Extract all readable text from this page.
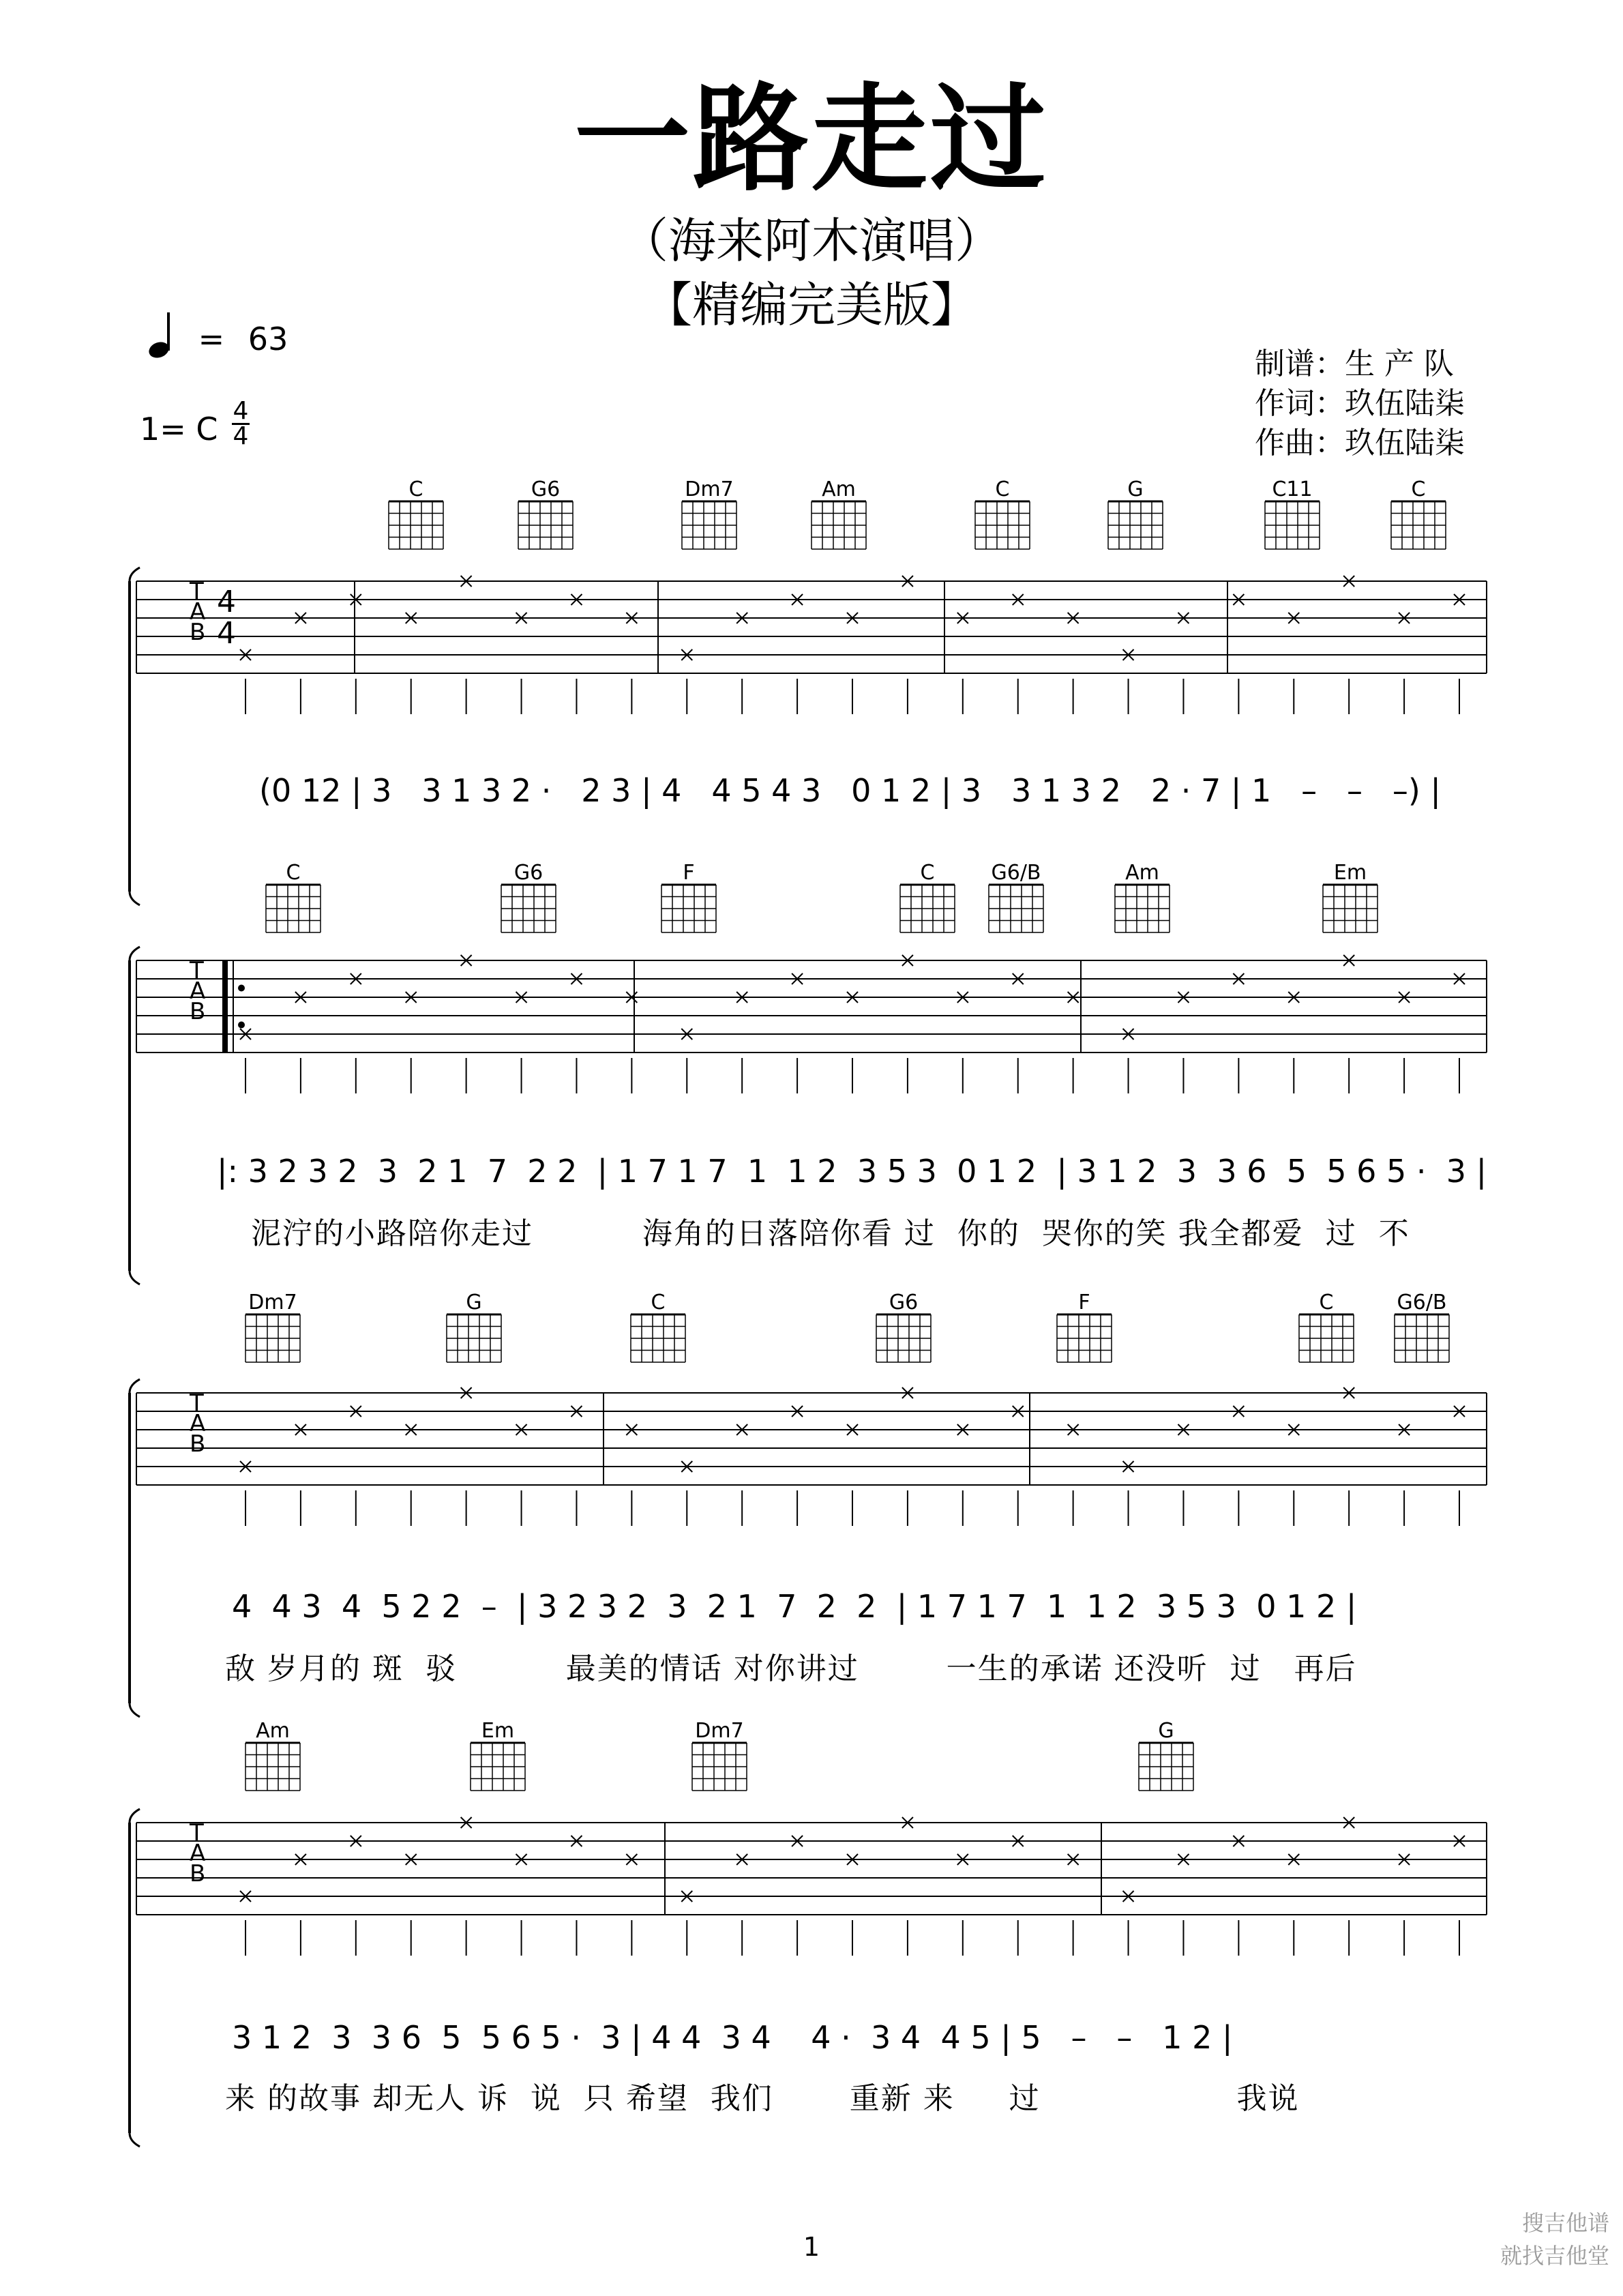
一路走过
（海来阿木演唱）
【精编完美版】
= 63
1= C 4
4
制谱：生 产 队
作词：玖伍陆柒
作曲：玖伍陆柒
(0 12 | 3   3 1 3 2 ·   2 3 | 4   4 5 4 3   0 1 2 | 3   3 1 3 2   2 · 7 | 1   –   –   –) |
|: 3 2 3 2  3  2 1  7  2 2  | 1 7 1 7  1  1 2  3 5 3  0 1 2  | 3 1 2  3  3 6  5  5 6 5 ·  3 |
泥泞的小路陪你走过          海角的日落陪你看 过  你的  哭你的笑 我全都爱  过  不
4  4 3  4  5 2 2  –  | 3 2 3 2  3  2 1  7  2  2  | 1 7 1 7  1  1 2  3 5 3  0 1 2 |
敌 岁月的 斑  驳          最美的情话 对你讲过        一生的承诺 还没听  过   再后
3 1 2  3  3 6  5  5 6 5 ·  3 | 4 4  3 4    4 ·  3 4  4 5 | 5   –   –   1 2 |
来 的故事 却无人 诉  说  只 希望  我们       重新 来     过                  我说
C	G6	Dm7	Am	C	G	C11	C
C	G6	F	C	G6/B	Am	Em
Dm7	G	C	G6	F	C	G6/B
Am	Em	Dm7	G
T
A
B
4
4
T
A
B
T
A
B
T
A
B
1
搜吉他谱
就找吉他堂
